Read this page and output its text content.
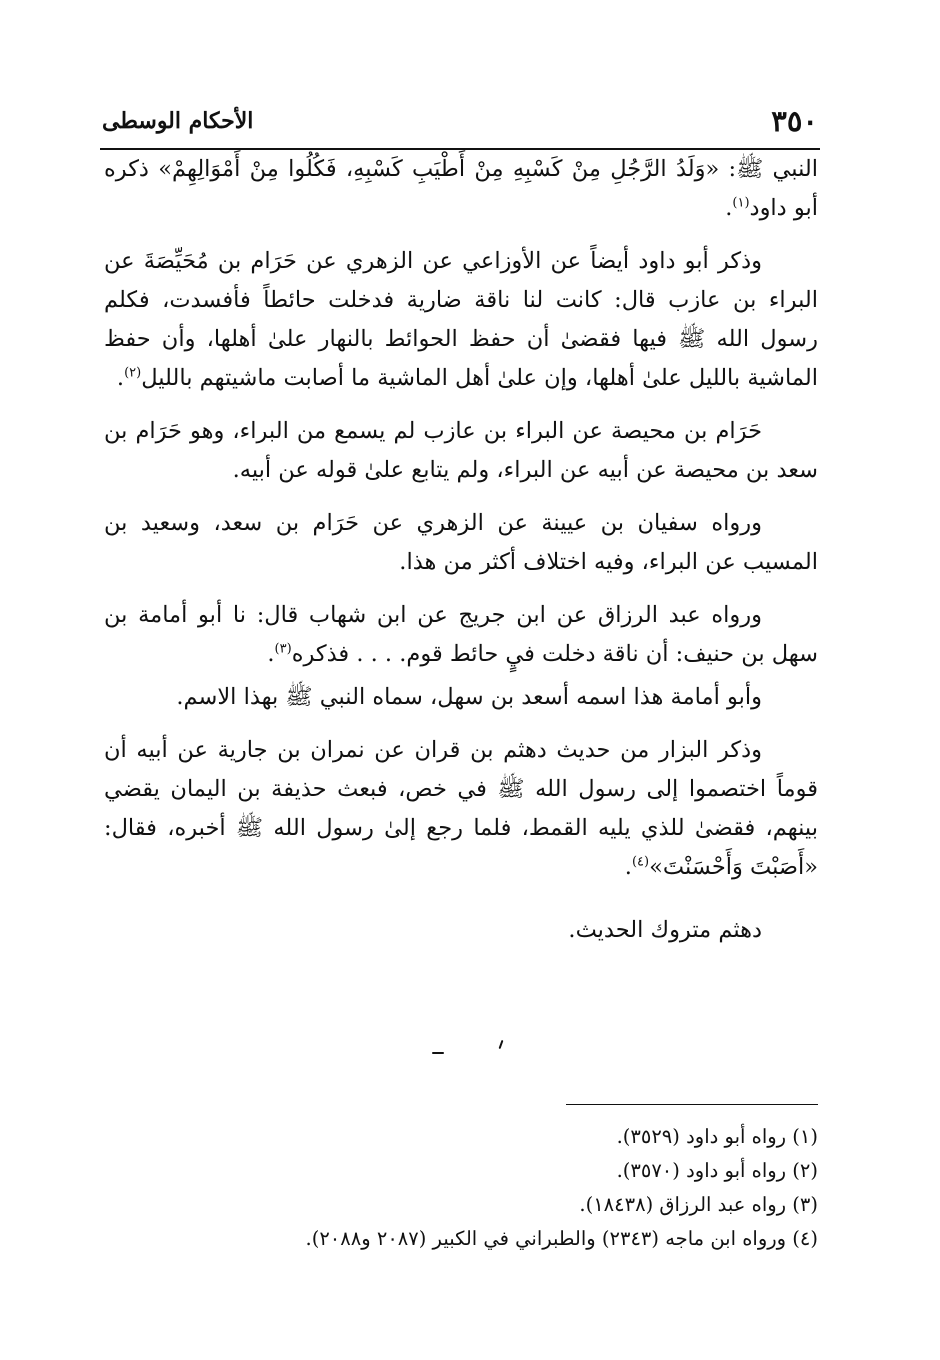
٣٥٠
الأحكام الوسطى

النبي ﷺ: «وَلَدُ الرَّجُلِ مِنْ كَسْبِهِ مِنْ أَطْيَبِ كَسْبِهِ، فَكُلُوا مِنْ أَمْوَالِهِمْ» ذكره أبو داود$^{(١)}$.

وذكر أبو داود أيضاً عن الأوزاعي عن الزهري عن حَرَام بن مُحَيِّصَةَ عن البراء بن عازب قال: كانت لنا ناقة ضارية فدخلت حائطاً فأفسدت، فكلم رسول الله ﷺ فيها فقضىٰ أن حفظ الحوائط بالنهار علىٰ أهلها، وأن حفظ الماشية بالليل علىٰ أهلها، وإن علىٰ أهل الماشية ما أصابت ماشيتهم بالليل$^{(٢)}$.

حَرَام بن محيصة عن البراء بن عازب لم يسمع من البراء، وهو حَرَام بن سعد بن محيصة عن أبيه عن البراء، ولم يتابع علىٰ قوله عن أبيه.

ورواه سفيان بن عيينة عن الزهري عن حَرَام بن سعد، وسعيد بن المسيب عن البراء، وفيه اختلاف أكثر من هذا.

ورواه عبد الرزاق عن ابن جريج عن ابن شهاب قال: نا أبو أمامة بن سهل بن حنيف: أن ناقة دخلت فيٍ حائط قوم. . . . فذكره$^{(٣)}$.

وأبو أمامة هذا اسمه أسعد بن سهل، سماه النبي ﷺ بهذا الاسم.

وذكر البزار من حديث دهثم بن قران عن نمران بن جارية عن أبيه أن قوماً اختصموا إلى رسول الله ﷺ في خص، فبعث حذيفة بن اليمان يقضي بينهم، فقضىٰ للذي يليه القمط، فلما رجع إلىٰ رسول الله ﷺ أخبره، فقال: «أَصَبْتَ وَأَحْسَنْتَ»$^{(٤)}$.

دهثم متروك الحديث.

(١) رواه أبو داود (٣٥٢٩).

(٢) رواه أبو داود (٣٥٧٠).

(٣) رواه عبد الرزاق (١٨٤٣٨).

(٤) ورواه ابن ماجه (٢٣٤٣) والطبراني في الكبير (٢٠٨٧ و٢٠٨٨).
